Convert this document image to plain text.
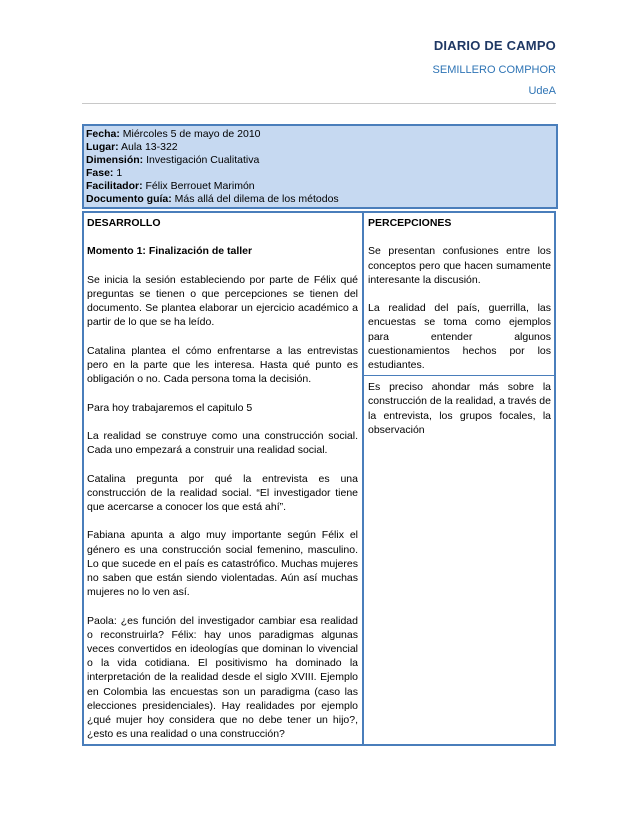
DIARIO DE CAMPO
SEMILLERO COMPHOR
UdeA
Fecha: Miércoles 5 de mayo de 2010
Lugar: Aula 13-322
Dimensión: Investigación Cualitativa
Fase: 1
Facilitador: Félix Berrouet Marimón
Documento guía: Más allá del dilema de los métodos

DESARROLLO

Momento 1: Finalización de taller

Se inicia la sesión estableciendo por parte de Félix qué preguntas se tienen o que percepciones se tienen del documento. Se plantea elaborar un ejercicio académico a partir de lo que se ha leído.

Catalina plantea el cómo enfrentarse a las entrevistas pero en la parte que les interesa. Hasta qué punto es obligación o no. Cada persona toma la decisión.

Para hoy trabajaremos el capitulo 5

La realidad se construye como una construcción social. Cada uno empezará a construir una realidad social.

Catalina pregunta por qué la entrevista es una construcción de la realidad social. “El investigador tiene que acercarse a conocer los que está ahí”.

Fabiana apunta a algo muy importante según Félix el género es una construcción social femenino, masculino. Lo que sucede en el país es catastrófico. Muchas mujeres no saben que están siendo violentadas. Aún así muchas mujeres no lo ven así.

Paola: ¿es función del investigador cambiar esa realidad o reconstruirla? Félix: hay unos paradigmas algunas veces convertidos en ideologías que dominan lo vivencial o la vida cotidiana. El positivismo ha dominado la interpretación de la realidad desde el siglo XVIII. Ejemplo en Colombia las encuestas son un paradigma (caso las elecciones presidenciales). Hay realidades por ejemplo ¿qué mujer hoy considera que no debe tener un hijo?, ¿esto es una realidad o una construcción?

PERCEPCIONES

Se presentan confusiones entre los conceptos pero que hacen sumamente interesante la discusión.

La realidad del país, guerrilla, las encuestas se toma como ejemplos para entender algunos cuestionamientos hechos por los estudiantes.

Es preciso ahondar más sobre la construcción de la realidad, a través de la entrevista, los grupos focales, la observación
